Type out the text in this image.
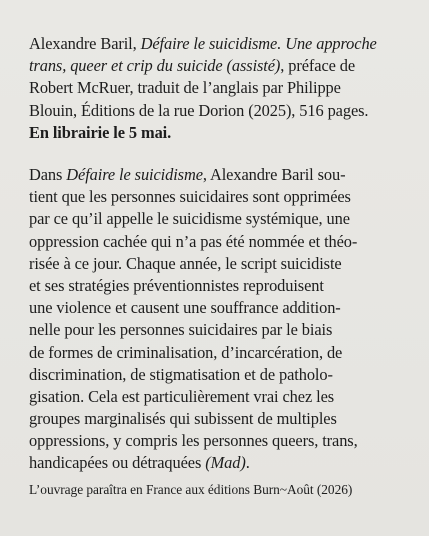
Alexandre Baril, Défaire le suicidisme. Une approche
trans, queer et crip du suicide (assisté), préface de
Robert McRuer, traduit de l’anglais par Philippe
Blouin, Éditions de la rue Dorion (2025), 516 pages.
En librairie le 5 mai.
Dans Défaire le suicidisme, Alexandre Baril sou-
tient que les personnes suicidaires sont opprimées
par ce qu’il appelle le suicidisme systémique, une
oppression cachée qui n’a pas été nommée et théo-
risée à ce jour. Chaque année, le script suicidiste
et ses stratégies préventionnistes reproduisent
une violence et causent une souffrance addition-
nelle pour les personnes suicidaires par le biais
de formes de criminalisation, d’incarcération, de
discrimination, de stigmatisation et de patholo-
gisation. Cela est particulièrement vrai chez les
groupes marginalisés qui subissent de multiples
oppressions, y compris les personnes queers, trans,
handicapées ou détraquées (Mad).
L’ouvrage paraîtra en France aux éditions Burn~Août (2026)
